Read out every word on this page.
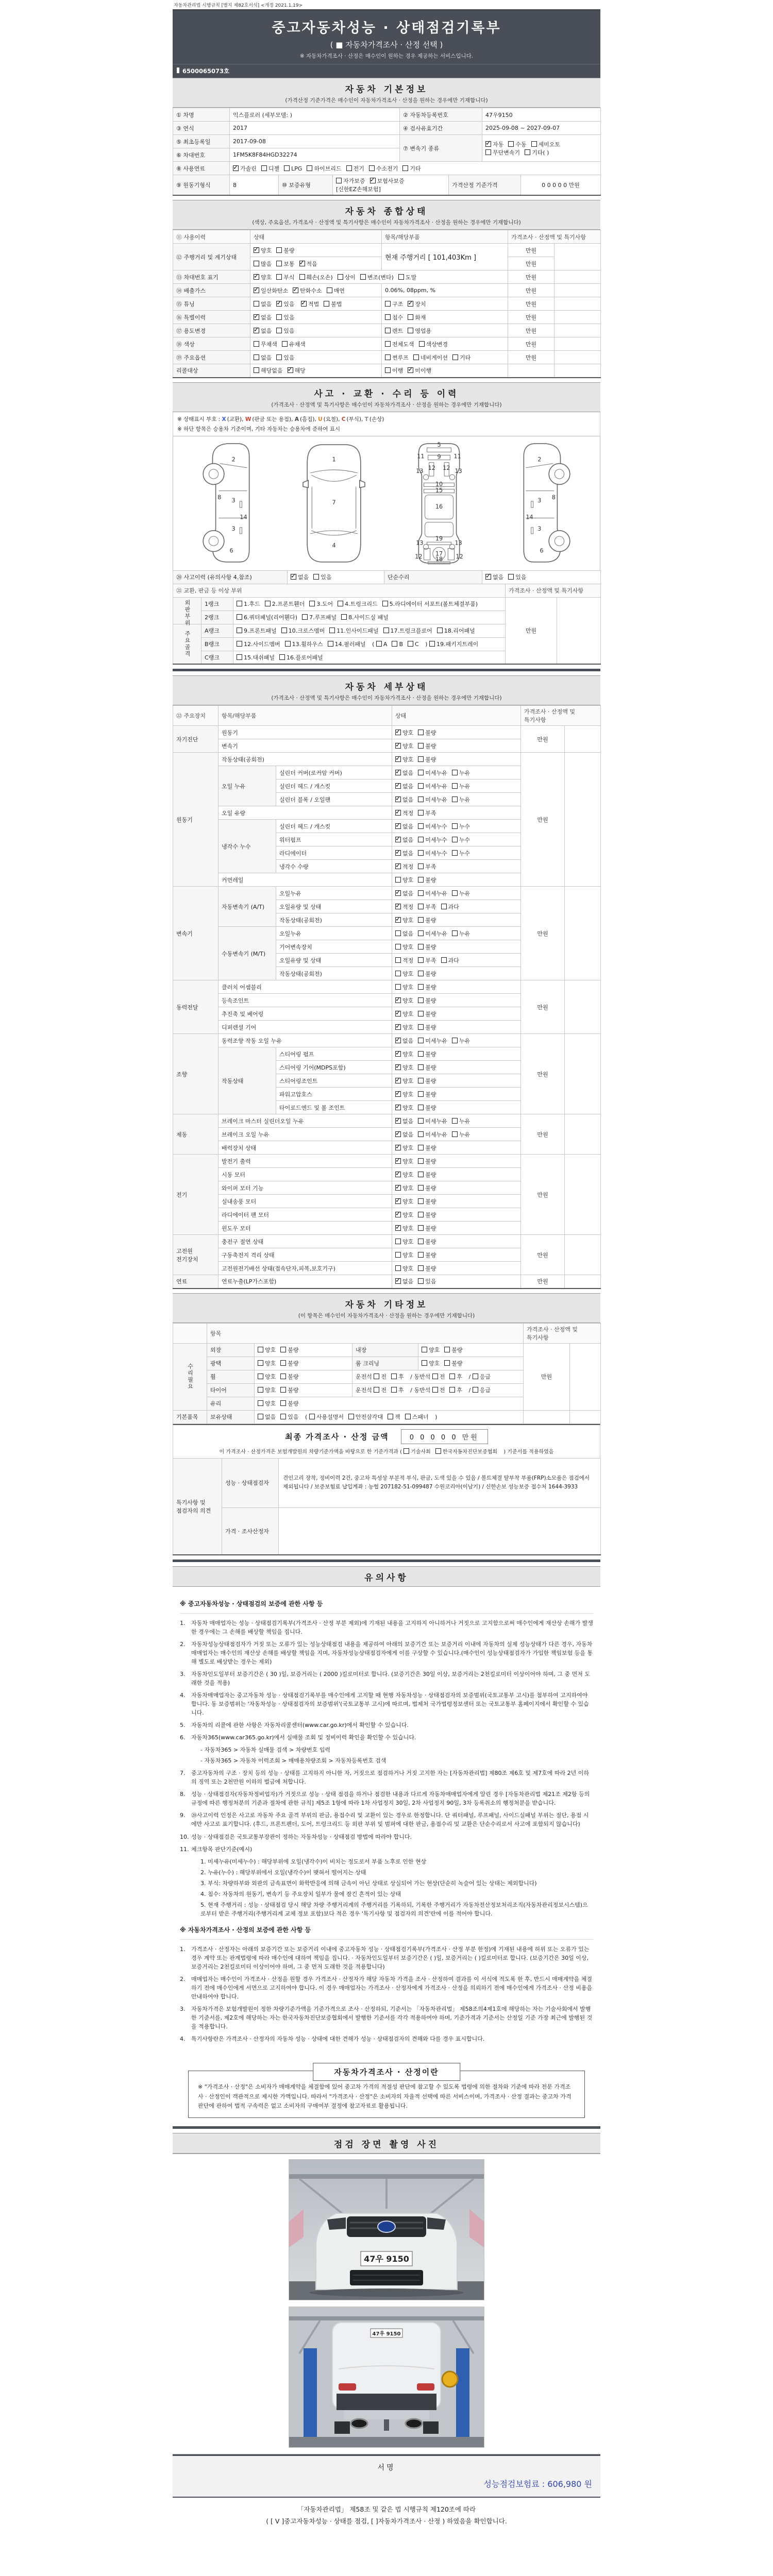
자동차관리법 시행규칙 [별지 제82호서식] <개정 2021.1.19>
중고자동차성능 · 상태점검기록부
( ■ 자동차가격조사 · 산정 선택 )
※ 자동차가격조사 · 산정은 매수인이 원하는 경우 제공하는 서비스입니다.
6500065073호
자동차 기본정보
(가격산정 기준가격은 매수인이 자동차가격조사 · 산정을 원하는 경우에만 기재합니다)
① 차명	익스플로러 (세부모델: )	② 자동차등록번호	47우9150
③ 연식	2017	④ 검사유효기간	2025-09-08 ~ 2027-09-07
⑤ 최초등록일	2017-09-08	⑦ 변속기 종류	✓자동 수동 세미오토무단변속기 기타( )
⑥ 차대번호	1FM5K8F84HGD32274		
⑧ 사용연료	✓가솔린 디젤 LPG 하이브리드 전기 수소전기 기타
⑨ 원동기형식	8	⑩ 보증유형	자가보증 ✓ 보험사보증 [신한EZ손해보험]	가격산정 기준가격	0 0 0 0 0 만원
자동차 종합상태
(색상, 주요옵션, 가격조사 · 산정액 및 특기사항은 매수인이 자동차가격조사 · 산정을 원하는 경우에만 기재합니다)
⑪ 사용이력	상태	항목/해당부품	가격조사 · 산정액 및 특기사항	
⑫ 주행거리 및 계기상태	✓양호 불량	현재 주행거리 [ 101,403Km ]	만원	
	많음 보통 ✓ 적음		만원	
⑬ 차대번호 표기	✓양호 부식 훼손(오손) 상이 변조(변타) 도말		만원	
⑭ 배출가스	✓일산화탄소 ✓ 탄화수소 매연	0.06%, 08ppm, %	만원	
⑮ 튜닝	없음 ✓ 있음 ✓ 적법 불법	구조 ✓ 장치	만원	
⑯ 특별이력	✓없음 있음	침수 화재	만원	
⑰ 용도변경	✓없음 있음	렌트 영업용	만원	
⑱ 색상	무채색 유채색	전체도색 색상변경	만원	
⑲ 주요옵션	없음 있음	썬루프 네비게이션 기타	만원	
리콜대상	해당없음 ✓ 해당	이행 ✓ 미이행		
사고 · 교환 · 수리 등 이력
(가격조사 · 산정액 및 특기사항은 매수인이 자동차가격조사 · 산정을 원하는 경우에만 기재합니다)
※ 상태표시 부호 : X (교환), W (판금 또는 용접), A (흠집), U (요철), C (부식), T (손상)
※ 하단 항목은 승용차 기준이며, 기타 자동차는 승용차에 준하여 표시
2
8 3
14
3
6
1
7
4
5
9
11	11
13	13
12 12
10
15
16
13	13
19
12	12
17
18
2
8
3
14
3
6
⑳ 사고이력 (유의사항 4.참조)	✓없음 있음	단순수리	✓없음 있음
㉑ 교환, 판금 등 이상 부위			가격조사 · 산정액 및 특기사항	
외판부위	1랭크	1.후드 2.프론트휀더 3.도어 4.트렁크리드 5.라디에이터 서포트(볼트체결부품)	만원	
	2랭크	6.쿼터패널(리어휀다) 7.루프패널 8.사이드실 패널		
주요골격	A랭크	9.프론트패널 10.크로스멤버 11.인사이드패널 17.트렁크플로어 18.리어패널		
	B랭크	12.사이드멤버 13.휠하우스 14.필러패널 ( A B C ) 19.패키지트레이		
	C랭크	15.대쉬패널 16.플로어패널		
자동차 세부상태
(가격조사 · 산정액 및 특기사항은 매수인이 자동차가격조사 · 산정을 원하는 경우에만 기재합니다)
㉒ 주요장치	항목/해당부품		상태	가격조사 · 산정액 및 특기사항	
자기진단	원동기	✓양호 불량	만원	
	변속기	✓양호 불량
원동기	작동상태(공회전)	✓양호 불량	만원	
	오일 누유	실린더 커버(로커암 커버)	✓없음 미세누유 누유
		실린더 헤드 / 개스킷	✓없음 미세누유 누유
		실린더 블록 / 오일팬	✓없음 미세누유 누유
	오일 유량	✓적정 부족
	냉각수 누수	실린더 헤드 / 개스킷	✓없음 미세누수 누수
		워터펌프	✓없음 미세누수 누수
		라디에이터	✓없음 미세누수 누수
		냉각수 수량	✓적정 부족
	커먼레일		양호 불량		
변속기	자동변속기 (A/T)	오일누유	✓없음 미세누유 누유	만원	
		오일유량 및 상태	✓적정 부족 과다
		작동상태(공회전)	✓양호 불량
	수동변속기 (M/T)	오일누유	없음 미세누유 누유		
		기어변속장치	양호 불량		
		오일유량 및 상태	적정 부족 과다		
		작동상태(공회전)	양호 불량		
동력전달	클러치 어셈블리		양호 불량	만원	
	등속조인트	✓양호 불량
	추진축 및 베어링	✓양호 불량
	디퍼렌셜 기어	✓양호 불량
조향	동력조향 작동 오일 누유	✓없음 미세누유 누유	만원	
	작동상태	스티어링 펌프	✓양호 불량
		스티어링 기어(MDPS포함)	✓양호 불량
		스티어링조인트	✓양호 불량
		파워고압호스	✓양호 불량
		타이로드엔드 및 볼 조인트	✓양호 불량
제동	브레이크 마스터 실린더오일 누유	✓없음 미세누유 누유	만원	
	브레이크 오일 누유	✓없음 미세누유 누유
	배력장치 상태	✓양호 불량
전기	발전기 출력	✓양호 불량	만원	
	시동 모터	✓양호 불량
	와이퍼 모터 기능	✓양호 불량
	실내송풍 모터	✓양호 불량
	라디에이터 팬 모터	✓양호 불량
	윈도우 모터	✓양호 불량
고전원 전기장치	충전구 절연 상태		양호 불량	만원	
	구동축전지 격리 상태		양호 불량		
	고전원전기배선 상태(접속단자,피복,보호기구)		양호 불량		
연료	연료누출(LP가스포함)	✓없음 있음	만원	
자동차 기타정보
(이 항목은 매수인이 자동차가격조사 · 산정을 원하는 경우에만 기재합니다)
	항목				가격조사 · 산정액 및 특기사항	
수리필요	외장	양호 불량	내장	양호 불량	만원	
	광택	양호 불량	룸 크리닝	양호 불량		
	휠	양호 불량	운전석 전 후 / 동반석 전 후 / 응급			
	타이어	양호 불량	운전석 전 후 / 동반석 전 후 / 응급			
	유리	양호 불량				
기본품목	보유상태	없음 있음 ( 사용설명서 안전삼각대 잭 스패너 )				
최종 가격조사 · 산정 금액	0 0 0 0 0 만원
이 가격조사 · 산정가격은 보험개발원의 차량기준가액을 바탕으로 한 기준가격과 ( 기술사회 한국자동차진단보증협회 ) 기준서를 적용하였음
특기사항 및 점검자의 의견	성능 · 상태점검자	견인고리 장착, 정비이력 2건, 중고차 특성상 부분적 부식, 판금, 도색 있을 수 있음 / 볼트체결 탈부착 부품(FRP)소모품은 점검에서 제외됩니다 / 보증보험료 납입계좌 : 농협 207182-51-099487 수원코리아(이남기) / 신한손보 성능보증 접수처 1644-3933
	가격 · 조사산정자	
유의사항
※ 중고자동차성능 · 상태점검의 보증에 관한 사항 등
1.	자동차 매매업자는 성능 · 상태점검기록부(가격조사 · 산정 부분 제외)에 기재된 내용을 고지하지 아니하거나 거짓으로 고지함으로써 매수인에게 재산상 손해가 발생한 경우에는 그 손해를 배상할 책임을 집니다.
2.	자동차성능상태점검자가 거짓 또는 오류가 있는 성능상태점검 내용을 제공하여 아래의 보증기간 또는 보증거리 이내에 자동차의 실제 성능상태가 다른 경우, 자동차매매업자는 매수인의 재산상 손해를 배상할 책임을 지며, 자동차성능상태점검자에게 이를 구상할 수 있습니다.(매수인이 성능상태점검자가 가입한 책임보험 등을 통해 별도로 배상받는 경우는 제외)
3.	자동차인도일부터 보증기간은 ( 30 )일, 보증거리는 ( 2000 )킬로미터로 합니다. (보증기간은 30일 이상, 보증거리는 2천킬로미터 이상이어야 하며, 그 중 먼저 도래한 것을 적용)
4.	자동차매매업자는 중고자동차 성능 · 상태점검기록부를 매수인에게 고지할 때 현행 자동차성능 · 상태점검자의 보증범위(국토교통부 고시)를 첨부하여 고지하여야 합니다. 동 보증범위는 '자동차성능 · 상태점검자의 보증범위'(국토교통부 고시)에 따르며, 법제처 국가법령정보센터 또는 국토교통부 홈페이지에서 확인할 수 있습니다.
5.	자동차의 리콜에 관한 사항은 자동차리콜센터(www.car.go.kr)에서 확인할 수 있습니다.
6.	자동차365(www.car365.go.kr)에서 실매물 조회 및 정비이력 확인을 확인할 수 있습니다.
- 자동차365 > 자동차 실매물 검색 > 차량번호 입력
- 자동차365 > 자동차 이력조회 > 매매용차량조회 > 자동차등록번호 검색
7.	중고자동차의 구조 · 장치 등의 성능 · 상태를 고지하지 아니한 자, 거짓으로 점검하거나 거짓 고지한 자는 [자동차관리법] 제80조 제6호 및 제7호에 따라 2년 이하의 징역 또는 2천만원 이하의 벌금에 처합니다.
8.	성능 · 상태점검자(자동차정비업자)가 거짓으로 성능 · 상태 점검을 하거나 점검한 내용과 다르게 자동차매매업자에게 알린 경우 [자동차관리법 제21조 제2항 등의 규정에 따른 행정처분의 기준과 절차에 관한 규칙] 제5조 1항에 따라 1차 사업정지 30일, 2차 사업정지 90일, 3차 등록취소의 행정처분을 받습니다.
9.	⑳사고이력 인정은 사고로 자동차 주요 골격 부위의 판금, 용접수리 및 교환이 있는 경우로 한정합니다. 단 쿼터패널, 루프패널, 사이드실패널 부위는 절단, 용접 시에만 사고로 표기합니다. (후드, 프론트펜더, 도어, 트렁크리드 등 외판 부위 및 범퍼에 대한 판금, 용접수리 및 교환은 단순수리로서 사고에 포함되지 않습니다)
10. 성능 · 상태점검은 국토교통부장관이 정하는 자동차성능 · 상태점검 방법에 따라야 합니다.
11. 체크항목 판단기준(예시)
1. 미세누유(미세누수) : 해당부위에 오일(냉각수)이 비치는 정도로서 부품 노후로 인한 현상
2. 누유(누수) : 해당부위에서 오일(냉각수)이 맺혀서 떨어지는 상태
3. 부식: 차량하부와 외판의 금속표면이 화학반응에 의해 금속이 아닌 상태로 상실되어 가는 현상(단순히 녹슬어 있는 상태는 제외합니다)
4. 침수: 자동차의 원동기, 변속기 등 주요장치 일부가 물에 잠긴 흔적이 있는 상태
5. 현재 주행거리 : 성능 · 상태점검 당시 해당 차량 주행거리계의 주행거리를 기록하되, 기록한 주행거리가 자동차전산정보처리조직(자동차관리정보시스템)으로부터 받은 주행거리(주행거리계 교체 정보 포함)보다 적은 경우 '특기사항 및 점검자의 의견'란에 이를 적어야 합니다.
※ 자동차가격조사 · 산정의 보증에 관한 사항 등
1.	가격조사 · 산정자는 아래의 보증기간 또는 보증거리 이내에 중고자동차 성능 · 상태점검기록부(가격조사 · 산정 부분 한정)에 기재된 내용에 허위 또는 오류가 있는 경우 계약 또는 관계법령에 따라 매수인에 대하여 책임을 집니다. · 자동차인도일부터 보증기간은 ( )일, 보증거리는 ( )킬로미터로 합니다. (보증기간은 30일 이상, 보증거리는 2천킬로미터 이상이어야 하며, 그 중 먼저 도래한 것을 적용합니다)
2.	매매업자는 매수인이 가격조사 · 산정을 원할 경우 가격조사 · 산정자가 해당 자동차 가격을 조사 · 산정하여 결과를 이 서식에 적도록 한 후, 반드시 매매계약을 체결하기 전에 매수인에게 서면으로 고지하여야 합니다. 이 경우 매매업자는 가격조사 · 산정자에게 가격조사 · 산정을 의뢰하기 전에 매수인에게 가격조사 · 산정 비용을 안내하여야 합니다.
3.	자동차가격은 보험개발원이 정한 차량기준가액을 기준가격으로 조사 · 산정하되, 기준서는 「자동차관리법」 제58조의4제1호에 해당하는 자는 기술사회에서 발행한 기준서를, 제2호에 해당하는 자는 한국자동차진단보증협회에서 발행한 기준서를 각각 적용하여야 하며, 기준가격과 기준서는 산정일 기준 가장 최근에 발행된 것을 적용합니다.
4.	특기사항란은 가격조사 · 산정자의 자동차 성능 · 상태에 대한 견해가 성능 · 상태점검자의 견해와 다를 경우 표시합니다.
자동차가격조사 · 산정이란
※ "가격조사 · 산정"은 소비자가 매매계약을 체결함에 있어 중고차 가격의 적절성 판단에 참고할 수 있도록 법령에 의한 절차와 기준에 따라 전문 가격조사 · 산정인이 객관적으로 제시한 가액입니다. 따라서 "가격조사 · 산정"은 소비자의 자율적 선택에 따른 서비스이며, 가격조사 · 산정 결과는 중고차 가격판단에 관하여 법적 구속력은 없고 소비자의 구매여부 결정에 참고자료로 활용됩니다.
점검 장면 촬영 사진
47우 9150
47우 9150
서명
성능점검보험료 : 606,980 원
「자동차관리법」 제58조 및 같은 법 시행규칙 제120조에 따라
( [ V ]중고자동차성능 · 상태를 점검, [ ]자동차가격조사 · 산정 ) 하였음을 확인합니다.
